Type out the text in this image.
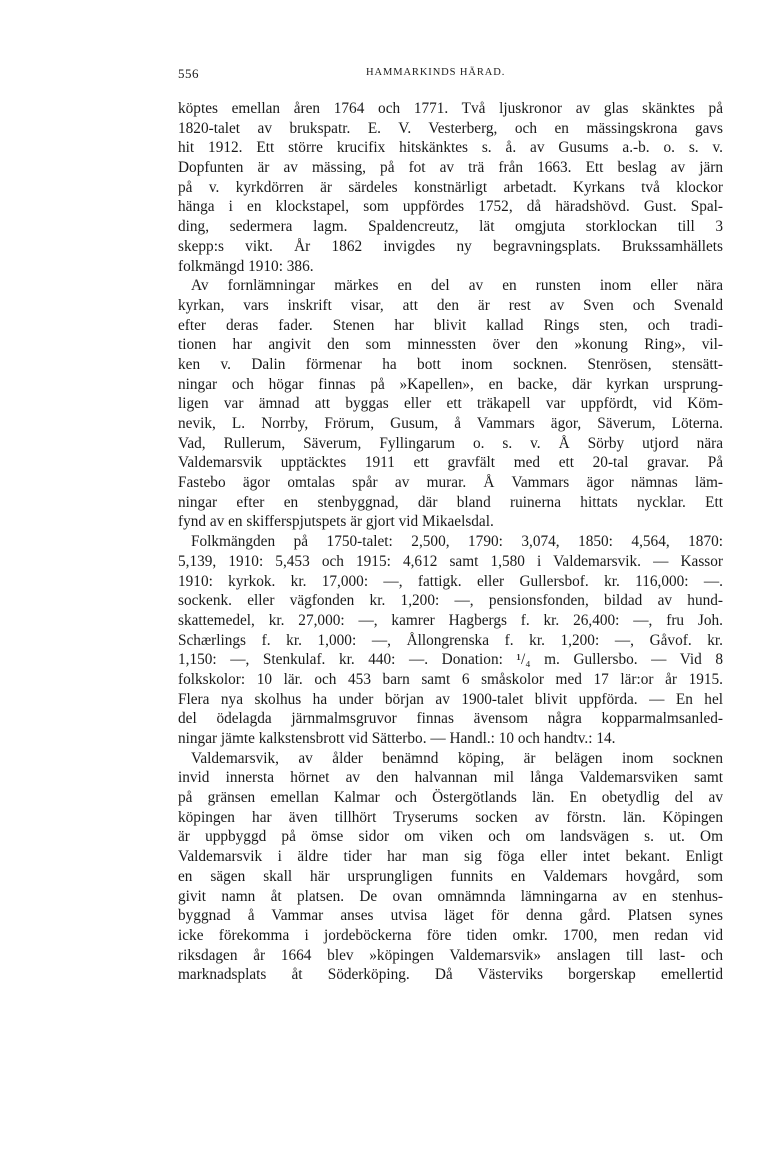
556	HAMMARKINDS HÄRAD.
köptes emellan åren 1764 och 1771. Två ljuskronor av glas skänktes på
1820-talet av brukspatr. E. V. Vesterberg, och en mässingskrona gavs
hit 1912. Ett större krucifix hitskänktes s. å. av Gusums a.-b. o. s. v.
Dopfunten är av mässing, på fot av trä från 1663. Ett beslag av järn
på v. kyrkdörren är särdeles konstnärligt arbetadt. Kyrkans två klockor
hänga i en klockstapel, som uppfördes 1752, då häradshövd. Gust. Spal-
ding, sedermera lagm. Spaldencreutz, lät omgjuta storklockan till 3
skepp:s vikt. År 1862 invigdes ny begravningsplats. Brukssamhällets
folkmängd 1910: 386.
Av fornlämningar märkes en del av en runsten inom eller nära
kyrkan, vars inskrift visar, att den är rest av Sven och Svenald
efter deras fader. Stenen har blivit kallad Rings sten, och tradi-
tionen har angivit den som minnessten över den »konung Ring», vil-
ken v. Dalin förmenar ha bott inom socknen. Stenrösen, stensätt-
ningar och högar finnas på »Kapellen», en backe, där kyrkan ursprung-
ligen var ämnad att byggas eller ett träkapell var uppfördt, vid Köm-
nevik, L. Norrby, Frörum, Gusum, å Vammars ägor, Säverum, Löterna.
Vad, Rullerum, Säverum, Fyllingarum o. s. v. Å Sörby utjord nära
Valdemarsvik upptäcktes 1911 ett gravfält med ett 20-tal gravar. På
Fastebo ägor omtalas spår av murar. Å Vammars ägor nämnas läm-
ningar efter en stenbyggnad, där bland ruinerna hittats nycklar. Ett
fynd av en skifferspjutspets är gjort vid Mikaelsdal.
Folkmängden på 1750-talet: 2,500, 1790: 3,074, 1850: 4,564, 1870:
5,139, 1910: 5,453 och 1915: 4,612 samt 1,580 i Valdemarsvik. — Kassor
1910: kyrkok. kr. 17,000: —, fattigk. eller Gullersbof. kr. 116,000: —.
sockenk. eller vägfonden kr. 1,200: —, pensionsfonden, bildad av hund-
skattemedel, kr. 27,000: —, kamrer Hagbergs f. kr. 26,400: —, fru Joh.
Schærlings f. kr. 1,000: —, Ållongrenska f. kr. 1,200: —, Gåvof. kr.
1,150: —, Stenkulaf. kr. 440: —. Donation: ¹/₄ m. Gullersbo. — Vid 8
folkskolor: 10 lär. och 453 barn samt 6 småskolor med 17 lär:or år 1915.
Flera nya skolhus ha under början av 1900-talet blivit uppförda. — En hel
del ödelagda järnmalmsgruvor finnas ävensom några kopparmalmsanled-
ningar jämte kalkstensbrott vid Sätterbo. — Handl.: 10 och handtv.: 14.
Valdemarsvik, av ålder benämnd köping, är belägen inom socknen
invid innersta hörnet av den halvannan mil långa Valdemarsviken samt
på gränsen emellan Kalmar och Östergötlands län. En obetydlig del av
köpingen har även tillhört Tryserums socken av förstn. län. Köpingen
är uppbyggd på ömse sidor om viken och om landsvägen s. ut. Om
Valdemarsvik i äldre tider har man sig föga eller intet bekant. Enligt
en sägen skall här ursprungligen funnits en Valdemars hovgård, som
givit namn åt platsen. De ovan omnämnda lämningarna av en stenhus-
byggnad å Vammar anses utvisa läget för denna gård. Platsen synes
icke förekomma i jordeböckerna före tiden omkr. 1700, men redan vid
riksdagen år 1664 blev »köpingen Valdemarsvik» anslagen till last- och
marknadsplats åt Söderköping. Då Västerviks borgerskap emellertid
